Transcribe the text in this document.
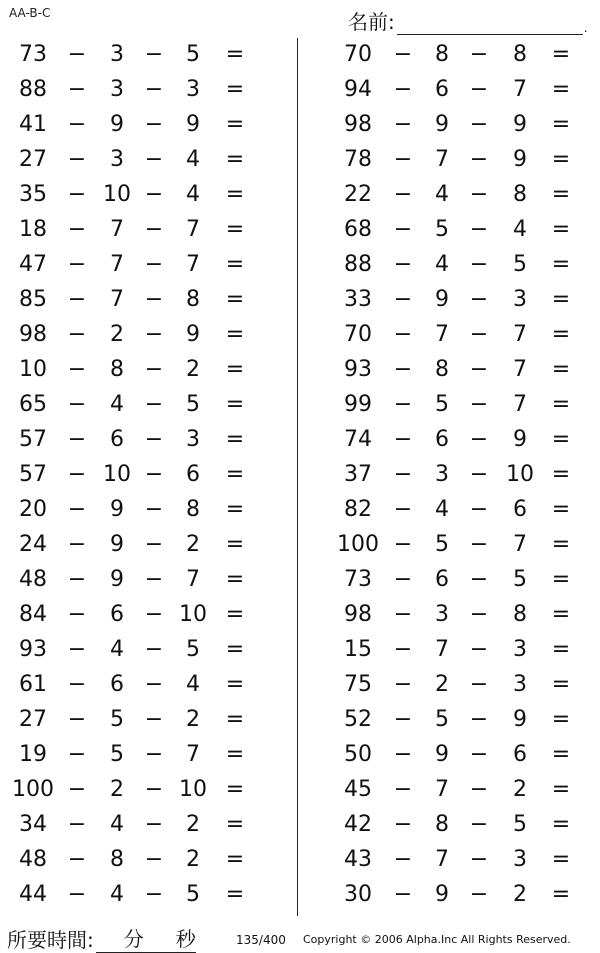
AA-B-C	名前:	.
73 −	3 −	5	=
88 −	3 −	3	=
41 −	9 −	9	=
27 −	3 −	4	=
35 − 10 −	4	=
18 −	7 −	7	=
47 −	7 −	7	=
85 −	7 −	8	=
98 −	2 −	9	=
10 −	8 −	2	=
65 −	4 −	5	=
57 −	6 −	3	=
57 − 10 −	6	=
20 −	9 −	8	=
24 −	9 −	2	=
48 −	9 −	7	=
84 −	6 − 10 =
93 −	4 −	5	=
61 −	6 −	4	=
27 −	5 −	2	=
19 −	5 −	7	=
100 −	2 − 10 =
34 −	4 −	2	=
48 −	8 −	2	=
44 −	4 −	5	=
70 −	8 −	8	=
94 −	6 −	7	=
98 −	9 −	9	=
78 −	7 −	9	=
22 −	4 −	8	=
68 −	5 −	4	=
88 −	4 −	5	=
33 −	9 −	3	=
70 −	7 −	7	=
93 −	8 −	7	=
99 −	5 −	7	=
74 −	6 −	9	=
37 −	3 − 10 =
82 −	4 −	6	=
100 −	5 −	7	=
73 −	6 −	5	=
98 −	3 −	8	=
15 −	7 −	3	=
75 −	2 −	3	=
52 −	5 −	9	=
50 −	9 −	6	=
45 −	7 −	2	=
42 −	8 −	5	=
43 −	7 −	3	=
30 −	9 −	2	=
所要時間: 分 秒	135/400 Copyright © 2006 Alpha.Inc All Rights Reserved.
